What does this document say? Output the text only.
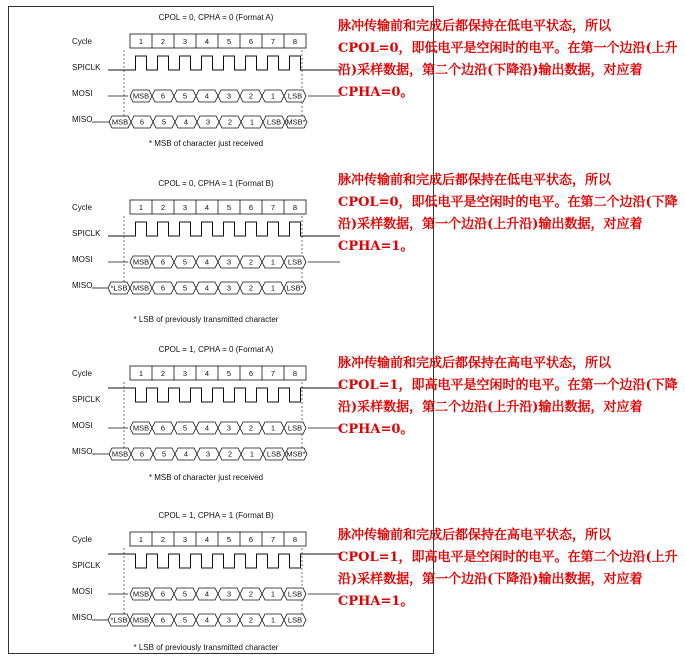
CPOL = 0, CPHA = 0 (Format A)
Cycle
SPICLK
MOSI
MISO
* MSB of character just received
1 2 3 4 5 6 7 8
MSB 6 5 4 3 2 1 LSB
MSB 6 5 4 3 2 1 LSB MSB*
CPOL = 0, CPHA = 1 (Format B)
Cycle
SPICLK
MOSI
MISO
* LSB of previously transmitted character
1 2 3 4 5 6 7 8
MSB 6 5 4 3 2 1 LSB
*LSB MSB 6 5 4 3 2 1 LSB*
CPOL = 1, CPHA = 0 (Format A)
Cycle
SPICLK
MOSI
MISO
* MSB of character just received
1 2 3 4 5 6 7 8
MSB 6 5 4 3 2 1 LSB
MSB 6 5 4 3 2 1 LSB MSB*
CPOL = 1, CPHA = 1 (Format B)
Cycle
SPICLK
MOSI
MISO
* LSB of previously transmitted character
1 2 3 4 5 6 7 8
MSB 6 5 4 3 2 1 LSB
*LSB MSB 6 5 4 3 2 1 LSB
脉冲传输前和完成后都保持在低电平状态，所以CPOL=0，即低电平是空闲时的电平。在第一个边沿(上升沿)采样数据，第二个边沿(下降沿)输出数据，对应着CPHA=0。
脉冲传输前和完成后都保持在低电平状态，所以CPOL=0，即低电平是空闲时的电平。在第二个边沿(下降沿)采样数据，第一个边沿(上升沿)输出数据，对应着CPHA=1。
脉冲传输前和完成后都保持在高电平状态，所以CPOL=1，即高电平是空闲时的电平。在第一个边沿(下降沿)采样数据，第二个边沿(上升沿)输出数据，对应着CPHA=0。
脉冲传输前和完成后都保持在高电平状态，所以CPOL=1，即高电平是空闲时的电平。在第二个边沿(上升沿)采样数据，第一个边沿(下降沿)输出数据，对应着CPHA=1。
